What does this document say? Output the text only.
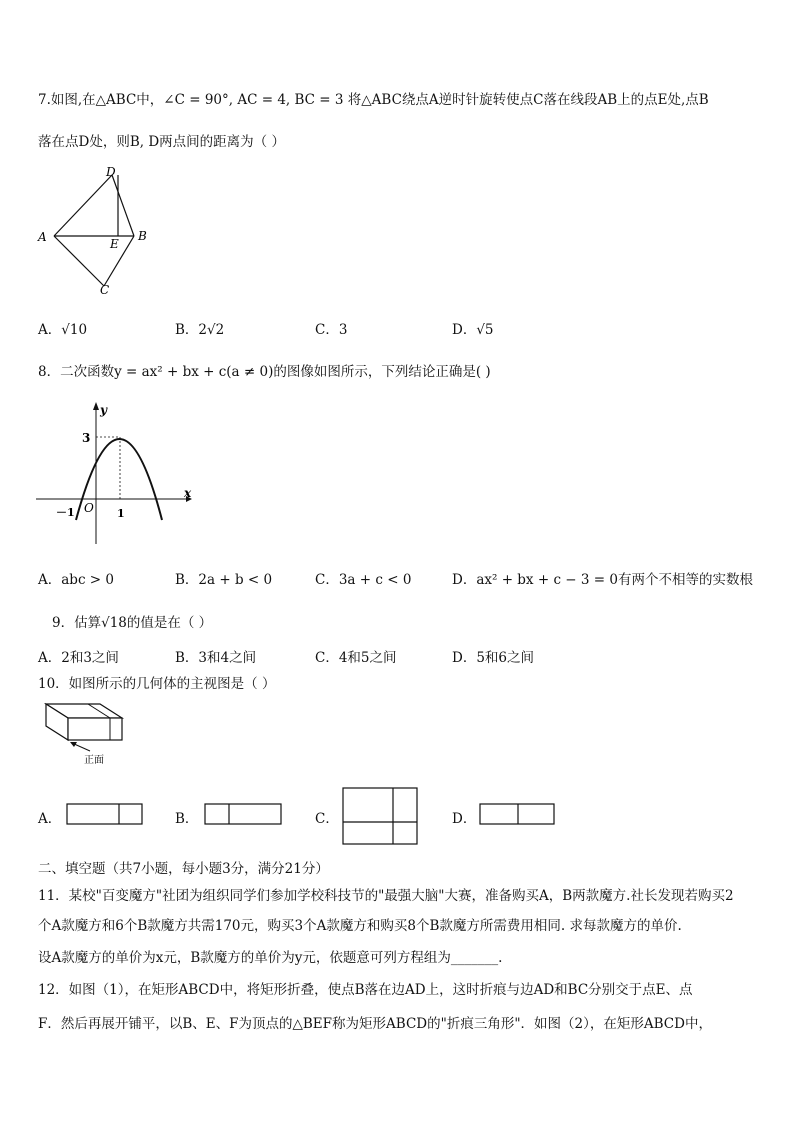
7.如图,在△ABC中，∠C = 90°, AC = 4, BC = 3 将△ABC绕点A逆时针旋转使点C落在线段AB上的点E处,点B
落在点D处，则B, D两点间的距离为（ ）
D
A	E
B
C
A．√10	B．2√2	C．3	D．√5
8．二次函数y = ax² + bx + c(a ≠ 0)的图像如图所示，下列结论正确是( )
y
x
3
－1 O 1
A．abc > 0	B．2a + b < 0	C．3a + c < 0	D．ax² + bx + c − 3 = 0有两个不相等的实数根
9．估算√18的值是在（ ）
A．2和3之间	B．3和4之间	C．4和5之间	D．5和6之间
10．如图所示的几何体的主视图是（ ）
正面
A．	B．	C．	D．
二、填空题（共7小题，每小题3分，满分21分）
11．某校"百变魔方"社团为组织同学们参加学校科技节的"最强大脑"大赛，准备购买A，B两款魔方.社长发现若购买2
个A款魔方和6个B款魔方共需170元，购买3个A款魔方和购买8个B款魔方所需费用相同. 求每款魔方的单价.
设A款魔方的单价为x元，B款魔方的单价为y元，依题意可列方程组为_______.
12．如图（1），在矩形ABCD中，将矩形折叠，使点B落在边AD上，这时折痕与边AD和BC分别交于点E、点
F．然后再展开铺平，以B、E、F为顶点的△BEF称为矩形ABCD的"折痕三角形"．如图（2），在矩形ABCD中，
